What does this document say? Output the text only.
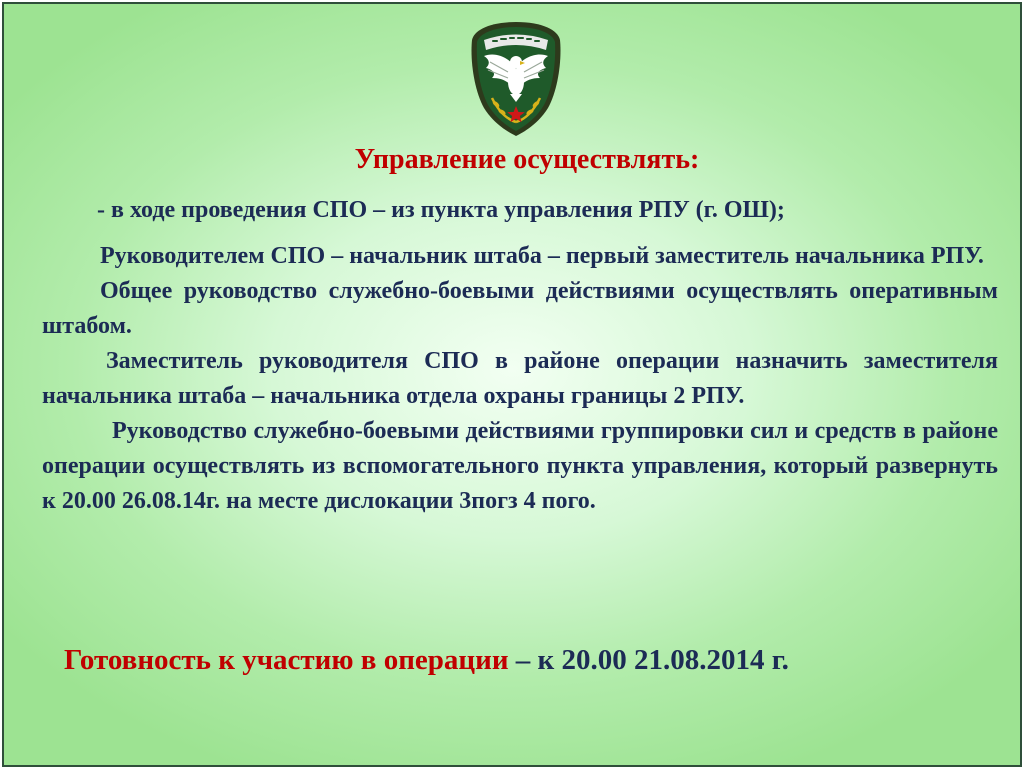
Управление осуществлять:

- в ходе проведения СПО – из пункта управления РПУ (г. ОШ);

Руководителем СПО – начальник штаба – первый заместитель начальника РПУ.

Общее руководство служебно-боевыми действиями осуществлять оперативным штабом.

Заместитель руководителя СПО в районе операции назначить заместителя начальника штаба – начальника отдела охраны границы 2 РПУ.

Руководство служебно-боевыми действиями группировки сил и средств в районе операции осуществлять из вспомогательного пункта управления, который развернуть к 20.00 26.08.14г. на месте дислокации 3погз 4 пого.

Готовность к участию в операции – к 20.00 21.08.2014 г.
